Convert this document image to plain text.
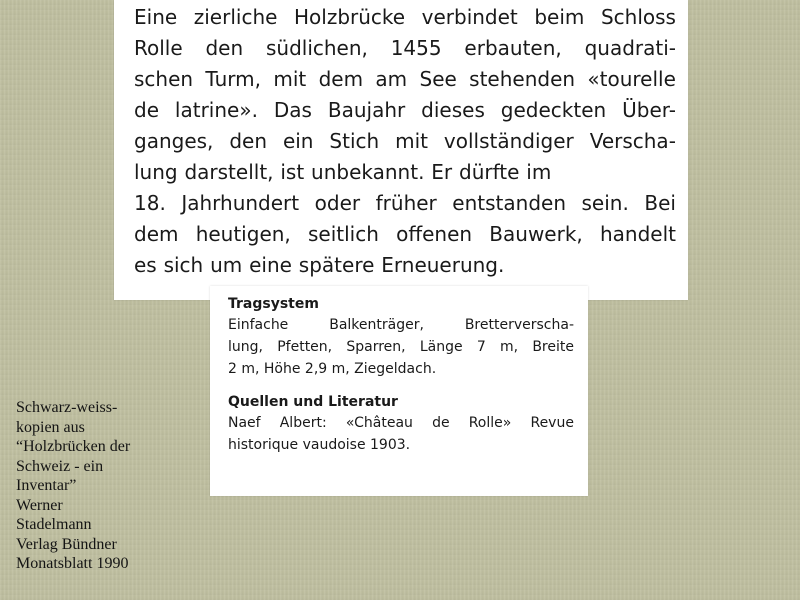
Eine zierliche Holzbrücke verbindet beim Schloss
Rolle den südlichen, 1455 erbauten, quadrati-
schen Turm, mit dem am See stehenden «tourelle
de latrine». Das Baujahr dieses gedeckten Über-
ganges, den ein Stich mit vollständiger Verscha-
lung darstellt, ist unbekannt. Er dürfte im
18. Jahrhundert oder früher entstanden sein. Bei
dem heutigen, seitlich offenen Bauwerk, handelt
es sich um eine spätere Erneuerung.
Tragsystem
Einfache	Balkenträger,	Bretterverscha-
lung, Pfetten, Sparren, Länge 7 m, Breite
2 m, Höhe 2,9 m, Ziegeldach.
Quellen und Literatur
Naef Albert: «Château de Rolle» Revue
historique vaudoise 1903.
Schwarz-weiss-
kopien aus
“Holzbrücken der
Schweiz - ein
Inventar”
Werner
Stadelmann
Verlag Bündner
Monatsblatt 1990
